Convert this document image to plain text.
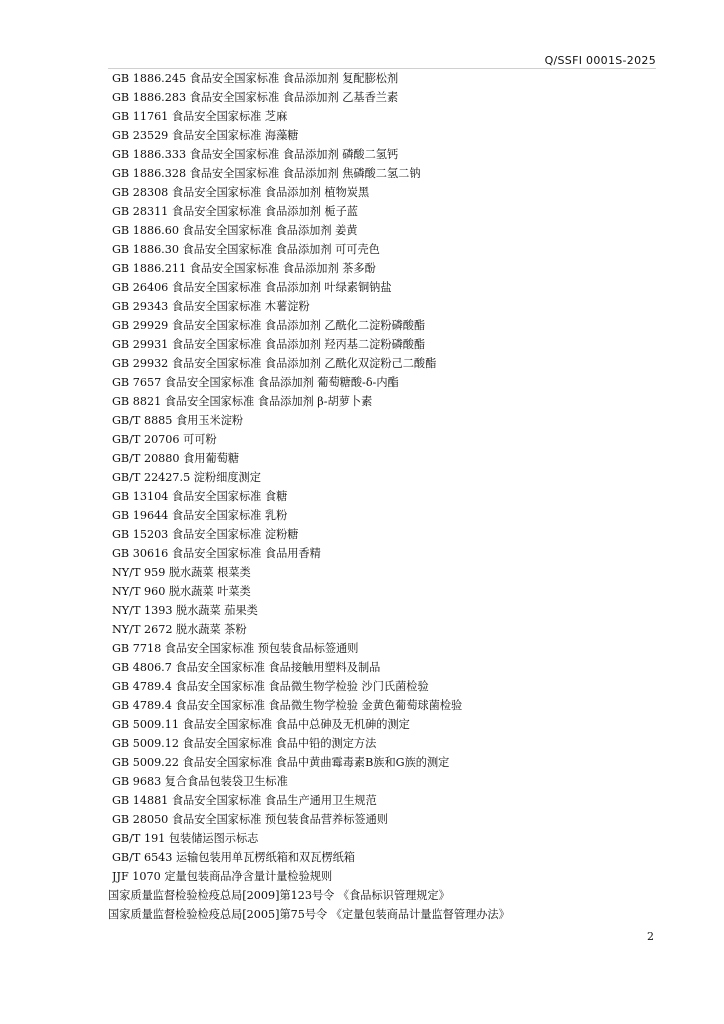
Q/SSFI 0001S-2025
GB 1886.245 食品安全国家标准 食品添加剂 复配膨松剂
GB 1886.283 食品安全国家标准 食品添加剂 乙基香兰素
GB 11761 食品安全国家标准 芝麻
GB 23529 食品安全国家标准 海藻糖
GB 1886.333 食品安全国家标准 食品添加剂 磷酸二氢钙
GB 1886.328 食品安全国家标准 食品添加剂 焦磷酸二氢二钠
GB 28308 食品安全国家标准 食品添加剂 植物炭黑
GB 28311 食品安全国家标准 食品添加剂 栀子蓝
GB 1886.60 食品安全国家标准 食品添加剂 姜黄
GB 1886.30 食品安全国家标准 食品添加剂 可可壳色
GB 1886.211 食品安全国家标准 食品添加剂 茶多酚
GB 26406 食品安全国家标准 食品添加剂 叶绿素铜钠盐
GB 29343 食品安全国家标准 木薯淀粉
GB 29929 食品安全国家标准 食品添加剂 乙酰化二淀粉磷酸酯
GB 29931 食品安全国家标准 食品添加剂 羟丙基二淀粉磷酸酯
GB 29932 食品安全国家标准 食品添加剂 乙酰化双淀粉己二酸酯
GB 7657 食品安全国家标准 食品添加剂 葡萄糖酸-δ-内酯
GB 8821 食品安全国家标准 食品添加剂 β-胡萝卜素
GB/T 8885 食用玉米淀粉
GB/T 20706 可可粉
GB/T 20880 食用葡萄糖
GB/T 22427.5 淀粉细度测定
GB 13104 食品安全国家标准 食糖
GB 19644 食品安全国家标准 乳粉
GB 15203 食品安全国家标准 淀粉糖
GB 30616 食品安全国家标准 食品用香精
NY/T 959 脱水蔬菜 根菜类
NY/T 960 脱水蔬菜 叶菜类
NY/T 1393 脱水蔬菜 茄果类
NY/T 2672 脱水蔬菜 茶粉
GB 7718 食品安全国家标准 预包装食品标签通则
GB 4806.7 食品安全国家标准 食品接触用塑料及制品
GB 4789.4 食品安全国家标准 食品微生物学检验 沙门氏菌检验
GB 4789.4 食品安全国家标准 食品微生物学检验 金黄色葡萄球菌检验
GB 5009.11 食品安全国家标准 食品中总砷及无机砷的测定
GB 5009.12 食品安全国家标准 食品中铅的测定方法
GB 5009.22 食品安全国家标准 食品中黄曲霉毒素B族和G族的测定
GB 9683 复合食品包装袋卫生标准
GB 14881 食品安全国家标准 食品生产通用卫生规范
GB 28050 食品安全国家标准 预包装食品营养标签通则
GB/T 191 包装储运图示标志
GB/T 6543 运输包装用单瓦楞纸箱和双瓦楞纸箱
JJF 1070 定量包装商品净含量计量检验规则
国家质量监督检验检疫总局[2009]第123号令 《食品标识管理规定》
国家质量监督检验检疫总局[2005]第75号令 《定量包装商品计量监督管理办法》
2
